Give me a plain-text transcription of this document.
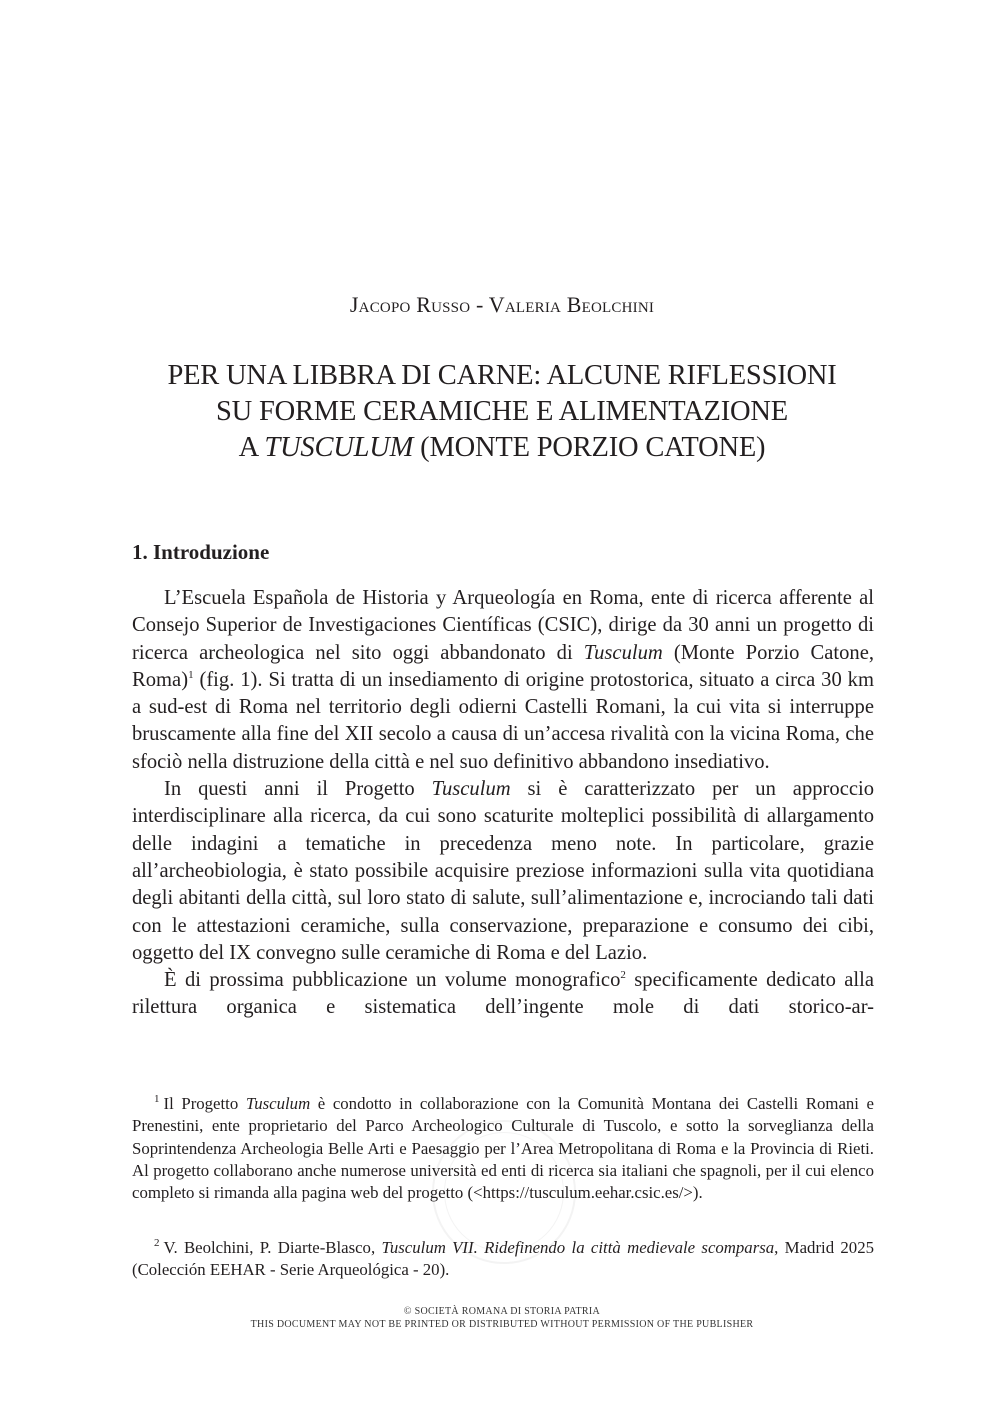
Jacopo Russo - Valeria Beolchini
PER UNA LIBBRA DI CARNE: ALCUNE RIFLESSIONI
SU FORME CERAMICHE E ALIMENTAZIONE
A TUSCULUM (MONTE PORZIO CATONE)
1. Introduzione

L’Escuela Española de Historia y Arqueología en Roma, ente di ricerca afferente al Consejo Superior de Investigaciones Científicas (CSIC), dirige da 30 anni un progetto di ricerca archeologica nel sito oggi abbandonato di Tusculum (Monte Porzio Catone, Roma)$^1$ (fig. 1). Si tratta di un insediamento di origine protostorica, situato a circa 30 km a sud-est di Roma nel territorio degli odierni Castelli Romani, la cui vita si interruppe bruscamente alla fine del XII secolo a causa di un’accesa rivalità con la vicina Roma, che sfociò nella distruzione della città e nel suo definitivo abbandono insediativo.

In questi anni il Progetto Tusculum si è caratterizzato per un approccio interdisciplinare alla ricerca, da cui sono scaturite molteplici possibilità di allargamento delle indagini a tematiche in precedenza meno note. In particolare, grazie all’archeobiologia, è stato possibile acquisire preziose informazioni sulla vita quotidiana degli abitanti della città, sul loro stato di salute, sull’alimentazione e, incrociando tali dati con le attestazioni ceramiche, sulla conservazione, preparazione e consumo dei cibi, oggetto del IX convegno sulle ceramiche di Roma e del Lazio.

È di prossima pubblicazione un volume monografico$^2$ specificamente dedicato alla rilettura organica e sistematica dell’ingente mole di dati storico-ar-

$^1$ Il Progetto Tusculum è condotto in collaborazione con la Comunità Montana dei Castelli Romani e Prenestini, ente proprietario del Parco Archeologico Culturale di Tuscolo, e sotto la sorveglianza della Soprintendenza Archeologia Belle Arti e Paesaggio per l’Area Metropolitana di Roma e la Provincia di Rieti. Al progetto collaborano anche numerose università ed enti di ricerca sia italiani che spagnoli, per il cui elenco completo si rimanda alla pagina web del progetto (<https://tusculum.eehar.csic.es/>).

$^2$ V. Beolchini, P. Diarte-Blasco, Tusculum VII. Ridefinendo la città medievale scomparsa, Madrid 2025 (Colección EEHAR - Serie Arqueológica - 20).

© SOCIETÀ ROMANA DI STORIA PATRIA
THIS DOCUMENT MAY NOT BE PRINTED OR DISTRIBUTED WITHOUT PERMISSION OF THE PUBLISHER
